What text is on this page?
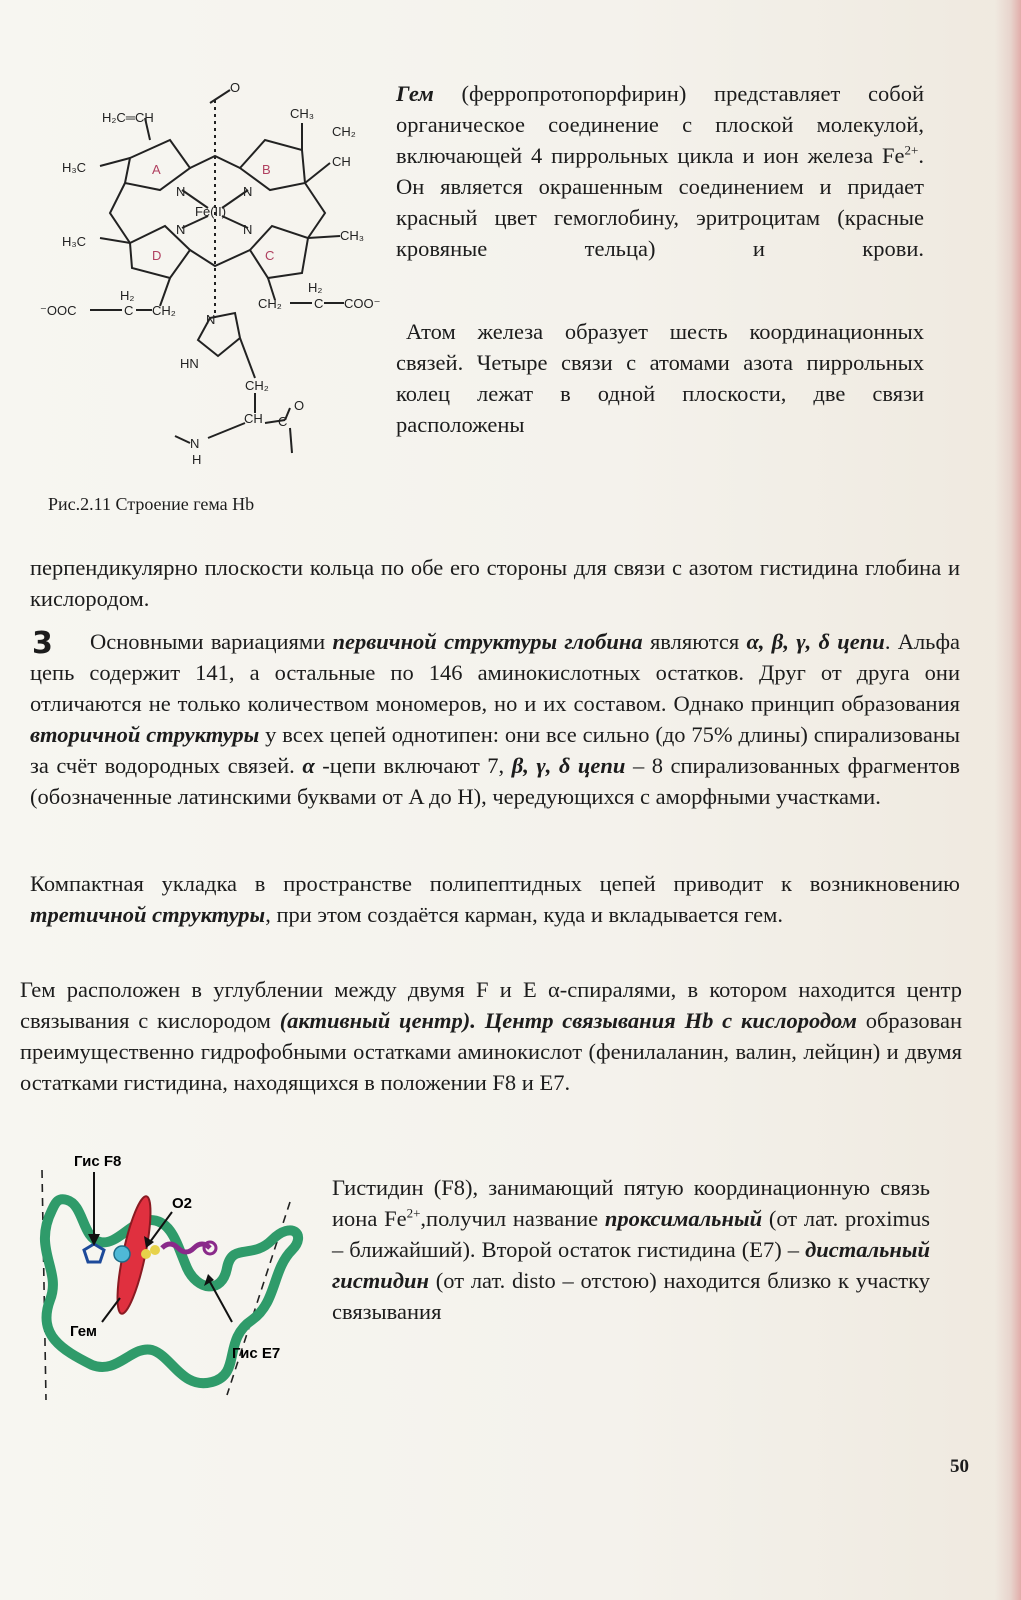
H₂C═CH	CH₃
CH₂
CH
H₃C
H₃C	CH₃
A	B
C
D
Fe(II)
N	N
N	N
O
⁻OOC	C
H₂
CH₂	CH₂ C
H₂
COO⁻
HN
N
CH₂
CH
N
H
C
O
Рис.2.11 Строение гема Hb

Гем (ферропротопорфирин) представляет собой органическое соединение с плоской молекулой, включающей 4 пиррольных цикла и ион железа $Fe^{2+}$. Он является окрашенным соединением и придает красный цвет гемоглобину, эритроцитам (красные кровяные тельца) и крови.

Атом железа образует шесть координационных связей. Четыре связи с атомами азота пиррольных колец лежат в одной плоскости, две связи расположены

перпендикулярно плоскости кольца по обе его стороны для связи с азотом гистидина глобина и кислородом.

3	Основными вариациями первичной структуры глобина являются α, β, γ, δ цепи. Альфа цепь содержит 141, а остальные по 146 аминокислотных остатков. Друг от друга они отличаются не только количеством мономеров, но и их составом. Однако принцип образования вторичной структуры у всех цепей однотипен: они все сильно (до 75% длины) спирализованы за счёт водородных связей. α -цепи включают 7, β, γ, δ цепи – 8 спирализованных фрагментов (обозначенные латинскими буквами от A до H), чередующихся с аморфными участками.

Компактная укладка в пространстве полипептидных цепей приводит к возникновению третичной структуры, при этом создаётся карман, куда и вкладывается гем.

Гем расположен в углублении между двумя F и E α-спиралями, в котором находится центр связывания с кислородом (активный центр). Центр связывания Hb с кислородом образован преимущественно гидрофобными остатками аминокислот (фенилаланин, валин, лейцин) и двумя остатками гистидина, находящихся в положении F8 и E7.

Гис F8
O2
Гем
Гис E7

Гистидин (F8), занимающий пятую координационную связь иона $Fe^{2+},получил$ название проксимальный (от лат. proximus – ближайший). Второй остаток гистидина (E7) – дистальный гистидин (от лат. disto – отстою) находится близко к участку связывания

50
